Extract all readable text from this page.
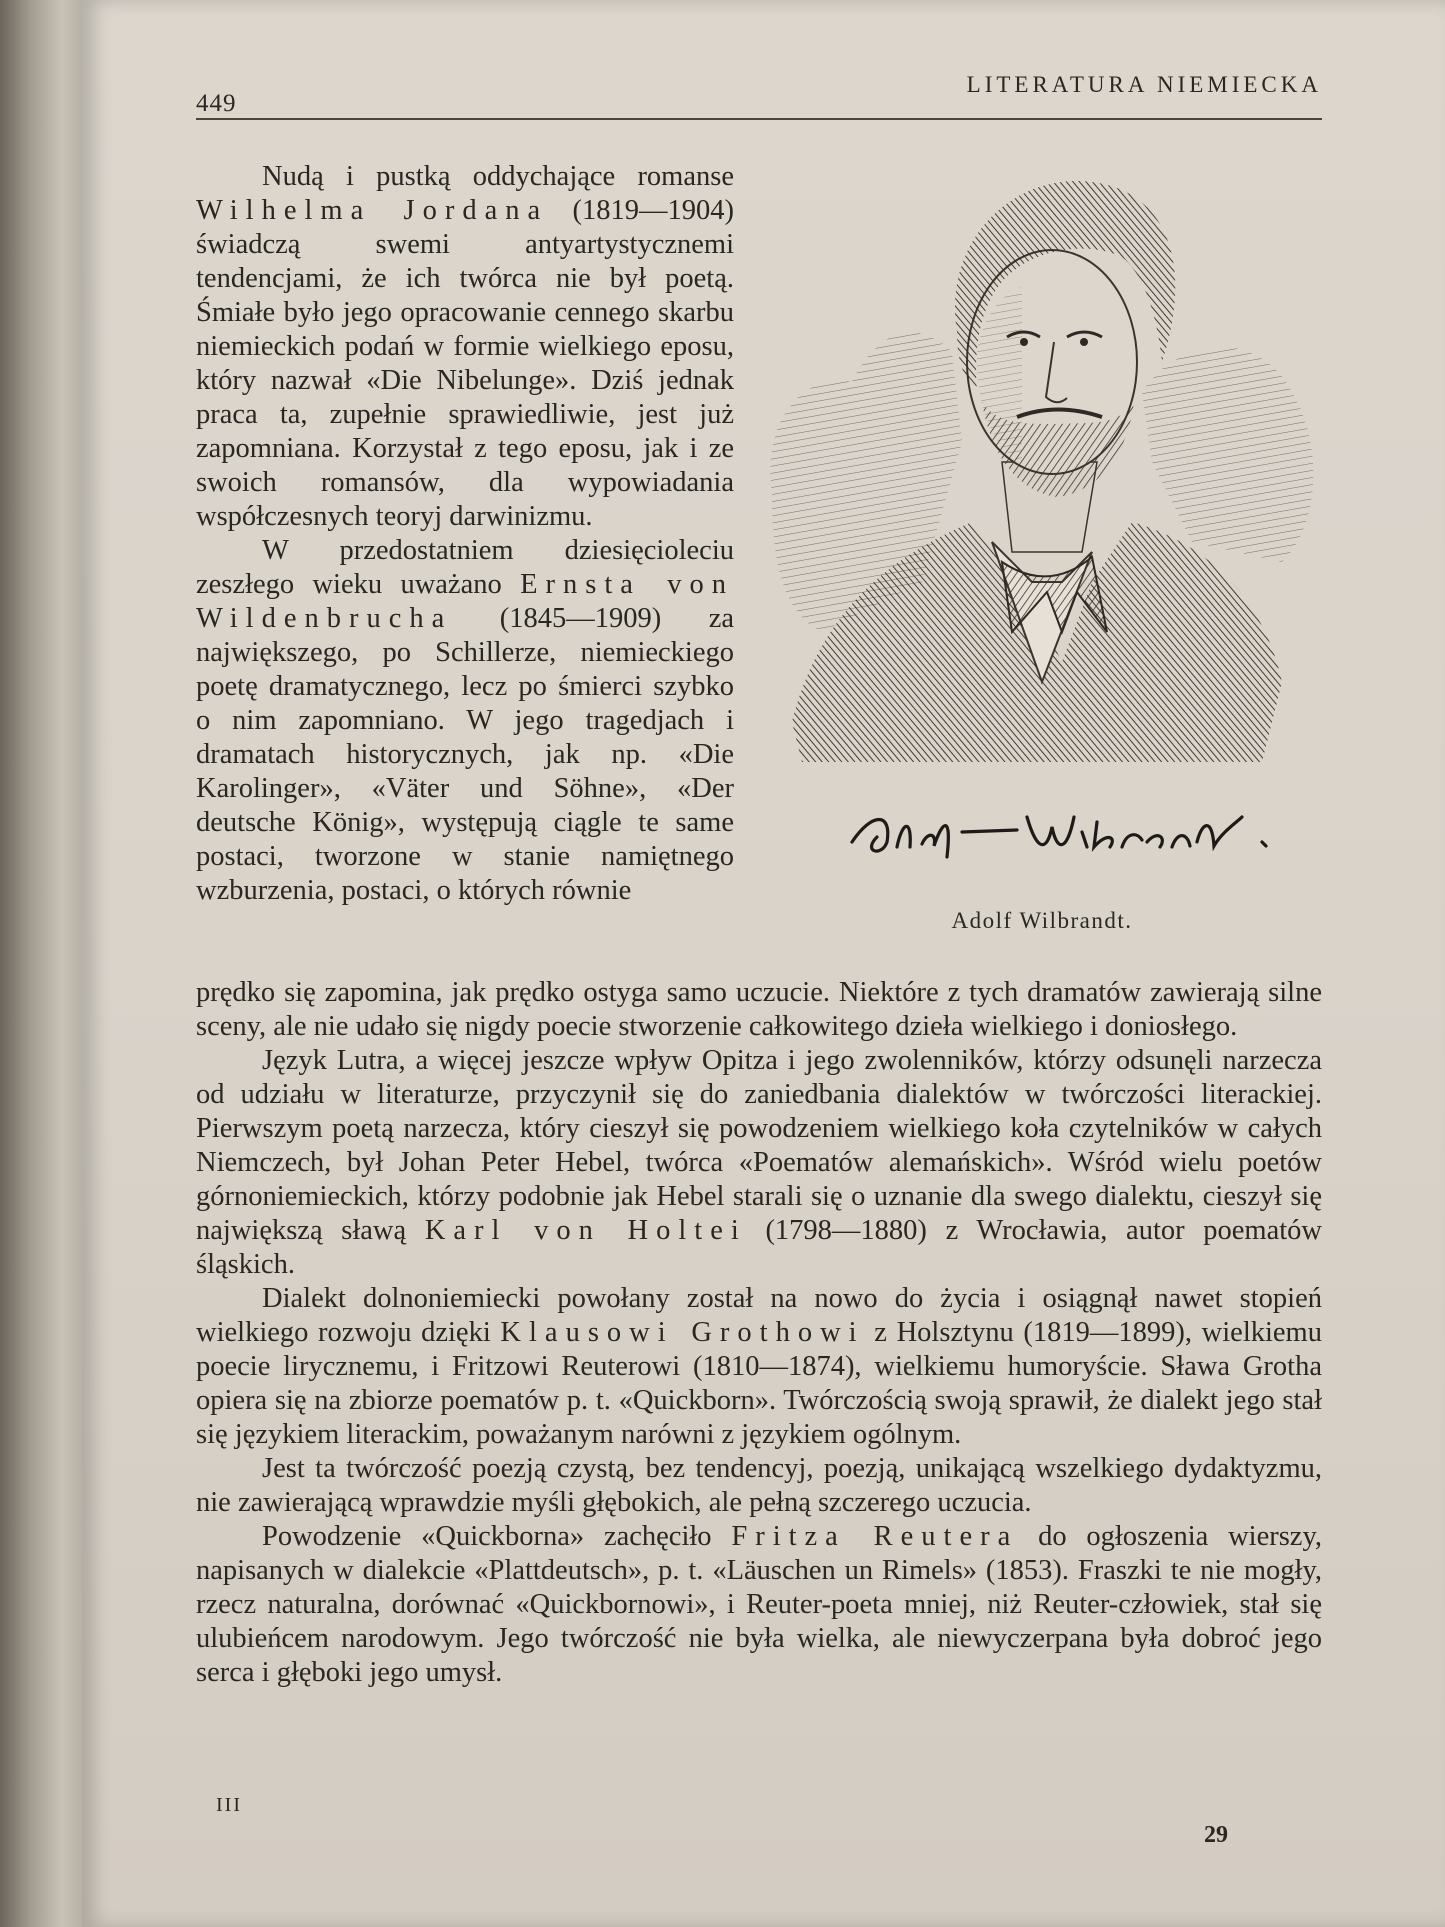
449
LITERATURA NIEMIECKA

Nudą i pustką oddychające romanse Wilhelma Jordana (1819—1904) świadczą swemi antyartystycznemi tendencjami, że ich twórca nie był poetą. Śmiałe było jego opracowanie cennego skarbu niemieckich podań w formie wielkiego eposu, który nazwał «Die Nibelunge». Dziś jednak praca ta, zupełnie sprawiedliwie, jest już zapomniana. Korzystał z tego eposu, jak i ze swoich romansów, dla wypowiadania współczesnych teoryj darwinizmu.

W przedostatniem dziesięcioleciu zeszłego wieku uważano Ernsta von Wildenbrucha (1845—1909) za największego, po Schillerze, niemieckiego poetę dramatycznego, lecz po śmierci szybko o nim zapomniano. W jego tragedjach i dramatach historycznych, jak np. «Die Karolinger», «Väter und Söhne», «Der deutsche König», występują ciągle te same postaci, tworzone w stanie namiętnego wzburzenia, postaci, o których równie

Adolf Wilbrandt.

prędko się zapomina, jak prędko ostyga samo uczucie. Niektóre z tych dramatów zawierają silne sceny, ale nie udało się nigdy poecie stworzenie całkowitego dzieła wielkiego i doniosłego.

Język Lutra, a więcej jeszcze wpływ Opitza i jego zwolenników, którzy odsunęli narzecza od udziału w literaturze, przyczynił się do zaniedbania dialektów w twórczości literackiej. Pierwszym poetą narzecza, który cieszył się powodzeniem wielkiego koła czytelników w całych Niemczech, był Johan Peter Hebel, twórca «Poematów alemańskich». Wśród wielu poetów górnoniemieckich, którzy podobnie jak Hebel starali się o uznanie dla swego dialektu, cieszył się największą sławą Karl von Holtei (1798—1880) z Wrocławia, autor poematów śląskich.

Dialekt dolnoniemiecki powołany został na nowo do życia i osiągnął nawet stopień wielkiego rozwoju dzięki Klausowi Grothowi z Holsztynu (1819—1899), wielkiemu poecie lirycznemu, i Fritzowi Reuterowi (1810—1874), wielkiemu humoryście. Sława Grotha opiera się na zbiorze poematów p. t. «Quickborn». Twórczością swoją sprawił, że dialekt jego stał się językiem literackim, poważanym narówni z językiem ogólnym.

Jest ta twórczość poezją czystą, bez tendencyj, poezją, unikającą wszelkiego dydaktyzmu, nie zawierającą wprawdzie myśli głębokich, ale pełną szczerego uczucia.

Powodzenie «Quickborna» zachęciło Fritza Reutera do ogłoszenia wierszy, napisanych w dialekcie «Plattdeutsch», p. t. «Läuschen un Rimels» (1853). Fraszki te nie mogły, rzecz naturalna, dorównać «Quickbornowi», i Reuter-poeta mniej, niż Reuter-człowiek, stał się ulubieńcem narodowym. Jego twórczość nie była wielka, ale niewyczerpana była dobroć jego serca i głęboki jego umysł.

III
29
